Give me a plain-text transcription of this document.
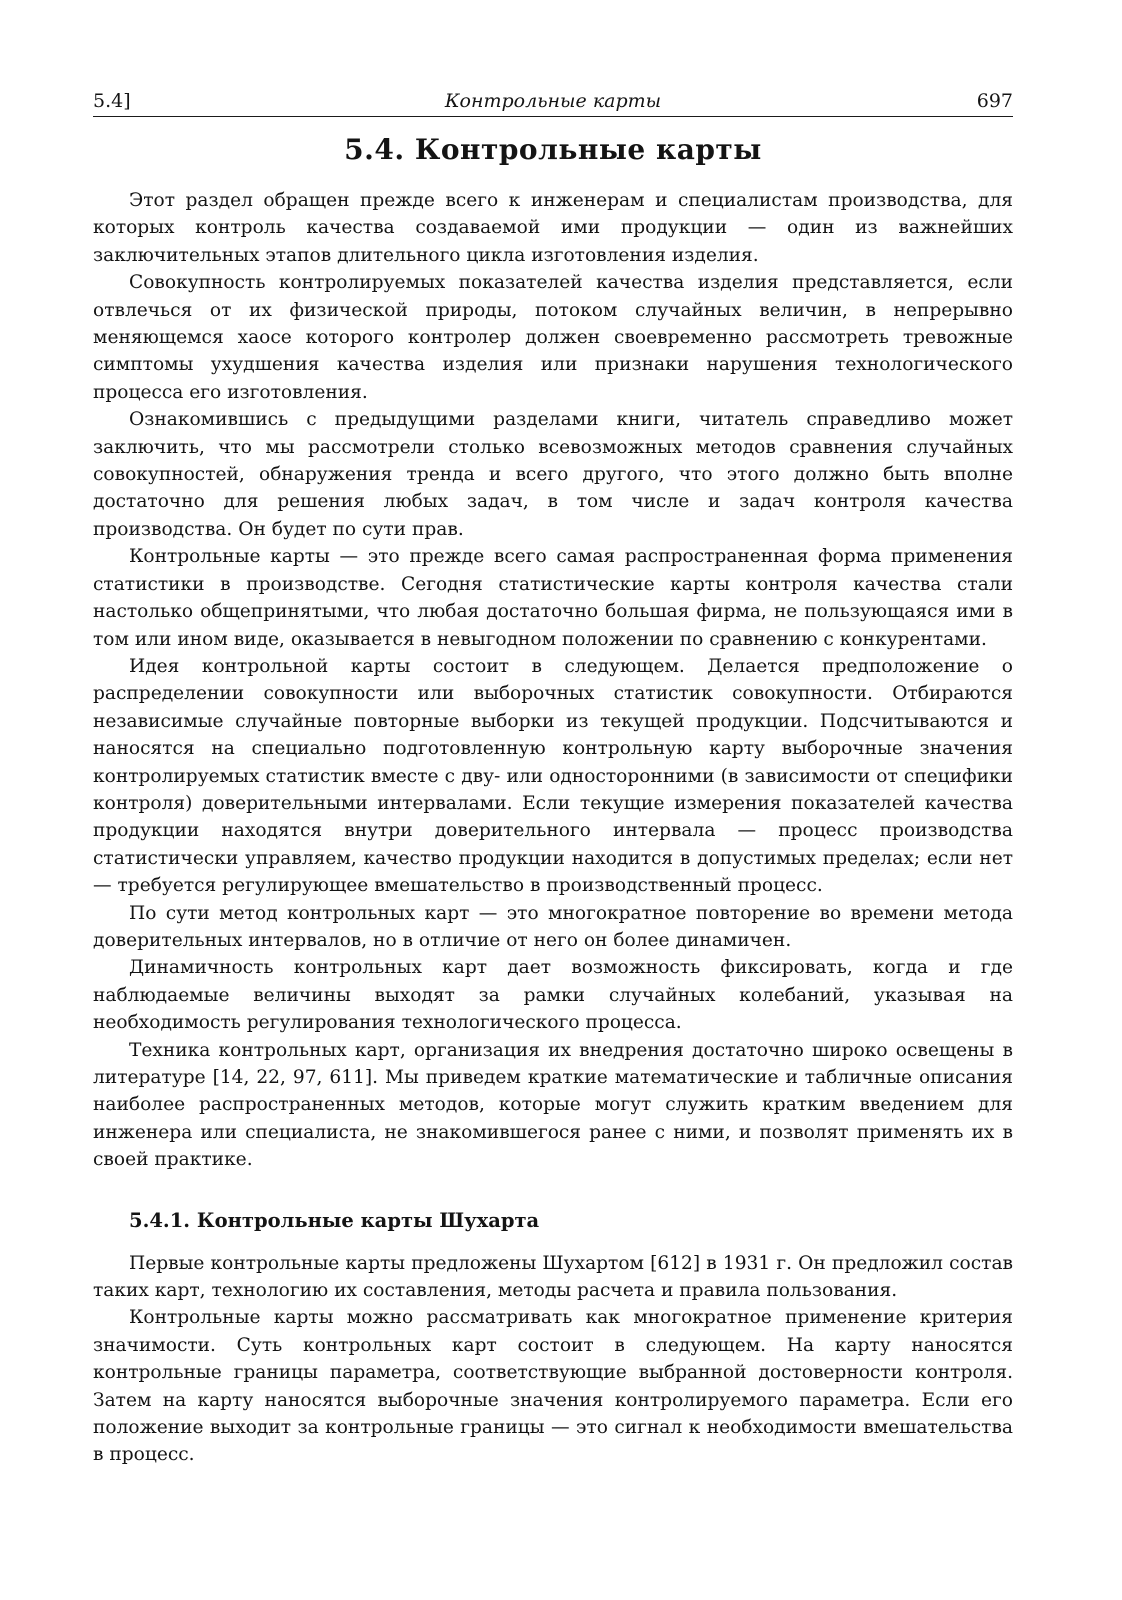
5.4]	Контрольные карты	697
5.4. Контрольные карты

Этот раздел обращен прежде всего к инженерам и специалистам производства, для которых контроль качества создаваемой ими продукции — один из важнейших заключительных этапов длительного цикла изготовления изделия.

Совокупность контролируемых показателей качества изделия представляется, если отвлечься от их физической природы, потоком случайных величин, в непрерывно меняющемся хаосе которого контролер должен своевременно рассмотреть тревожные симптомы ухудшения качества изделия или признаки нарушения технологического процесса его изготовления.

Ознакомившись с предыдущими разделами книги, читатель справедливо может заключить, что мы рассмотрели столько всевозможных методов сравнения случайных совокупностей, обнаружения тренда и всего другого, что этого должно быть вполне достаточно для решения любых задач, в том числе и задач контроля качества производства. Он будет по сути прав.

Контрольные карты — это прежде всего самая распространенная форма применения статистики в производстве. Сегодня статистические карты контроля качества стали настолько общепринятыми, что любая достаточно большая фирма, не пользующаяся ими в том или ином виде, оказывается в невыгодном положении по сравнению с конкурентами.

Идея контрольной карты состоит в следующем. Делается предположение о распределении совокупности или выборочных статистик совокупности. Отбираются независимые случайные повторные выборки из текущей продукции. Подсчитываются и наносятся на специально подготовленную контрольную карту выборочные значения контролируемых статистик вместе с дву- или односторонними (в зависимости от специфики контроля) доверительными интервалами. Если текущие измерения показателей качества продукции находятся внутри доверительного интервала — процесс производства статистически управляем, качество продукции находится в допустимых пределах; если нет — требуется регулирующее вмешательство в производственный процесс.

По сути метод контрольных карт — это многократное повторение во времени метода доверительных интервалов, но в отличие от него он более динамичен.

Динамичность контрольных карт дает возможность фиксировать, когда и где наблюдаемые величины выходят за рамки случайных колебаний, указывая на необходимость регулирования технологического процесса.

Техника контрольных карт, организация их внедрения достаточно широко освещены в литературе [14, 22, 97, 611]. Мы приведем краткие математические и табличные описания наиболее распространенных методов, которые могут служить кратким введением для инженера или специалиста, не знакомившегося ранее с ними, и позволят применять их в своей практике.

5.4.1. Контрольные карты Шухарта

Первые контрольные карты предложены Шухартом [612] в 1931 г. Он предложил состав таких карт, технологию их составления, методы расчета и правила пользования.

Контрольные карты можно рассматривать как многократное применение критерия значимости. Суть контрольных карт состоит в следующем. На карту наносятся контрольные границы параметра, соответствующие выбранной достоверности контроля. Затем на карту наносятся выборочные значения контролируемого параметра. Если его положение выходит за контрольные границы — это сигнал к необходимости вмешательства в процесс.
